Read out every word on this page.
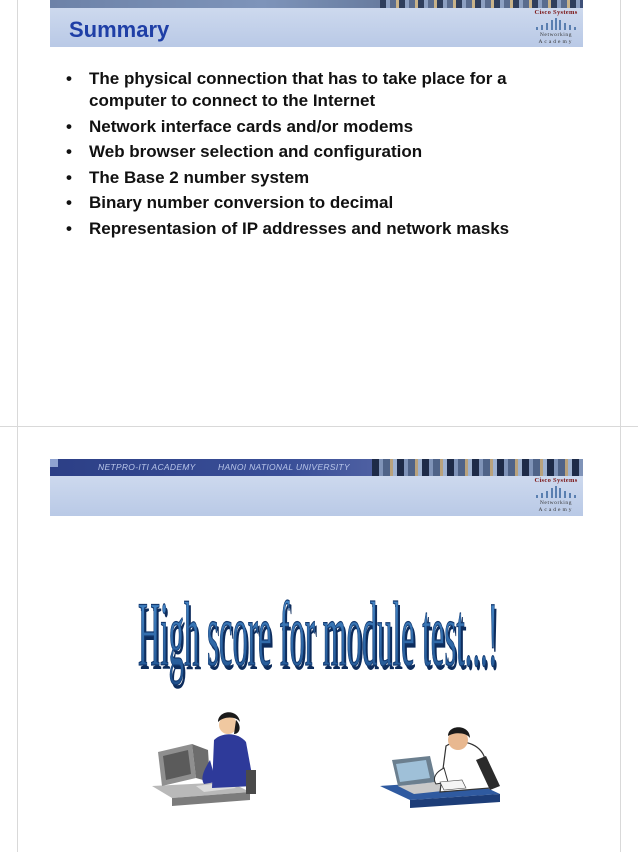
Summary
Cisco Systems
Networking
Academy
• The physical connection that has to take place for a computer to connect to the Internet
• Network interface cards and/or modems
• Web browser selection and configuration
• The Base 2 number system
• Binary number conversion to decimal
• Representasion of IP addresses and network masks
NETPRO-ITI ACADEMY	HANOI NATIONAL UNIVERSITY
Cisco Systems
Networking
Academy
High score for module test...!
High score for module test...!
